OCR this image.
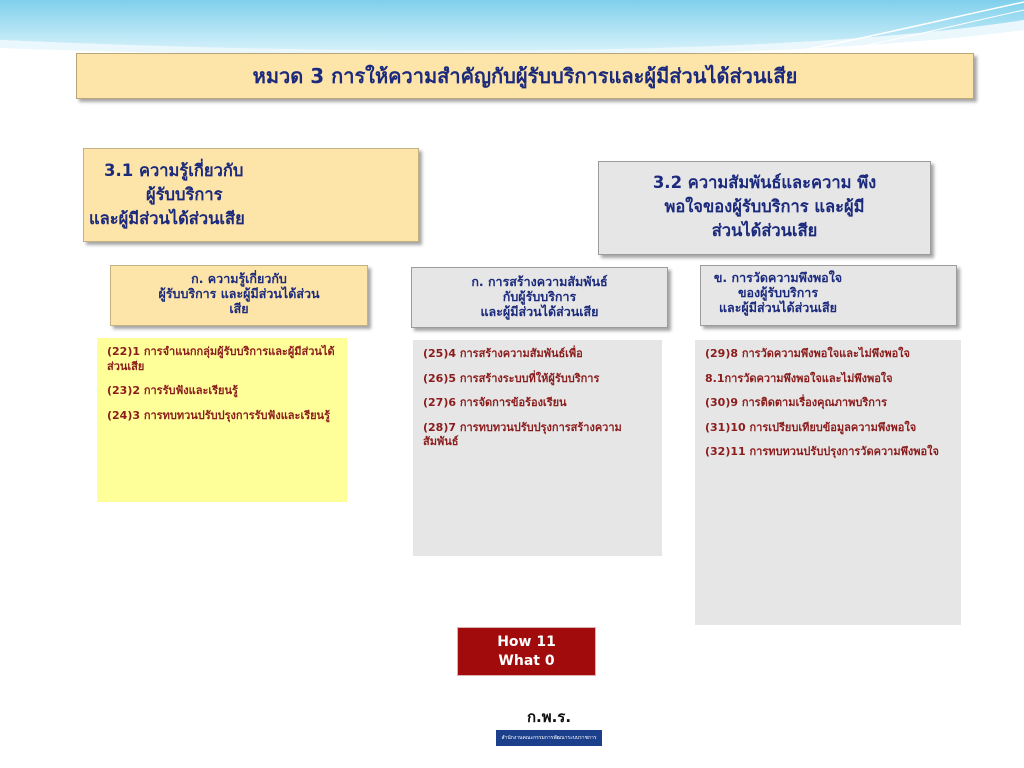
หมวด 3 การให้ความสำคัญกับผู้รับบริการและผู้มีส่วนได้ส่วนเสีย
3.1 ความรู้เกี่ยวกับ
ผู้รับบริการ
และผู้มีส่วนได้ส่วนเสีย
3.2 ความสัมพันธ์และความ พึง
พอใจของผู้รับบริการ และผู้มี
ส่วนได้ส่วนเสีย
ก. ความรู้เกี่ยวกับ
ผู้รับบริการ และผู้มีส่วนได้ส่วน
เสีย
ก. การสร้างความสัมพันธ์
กับผู้รับบริการ
และผู้มีส่วนได้ส่วนเสีย
ข. การวัดความพึงพอใจ
ของผู้รับบริการ
และผู้มีส่วนได้ส่วนเสีย
(22)1 การจำแนกกลุ่มผู้รับบริการและผู้มีส่วนได้ส่วนเสีย
(23)2 การรับฟังและเรียนรู้
(24)3 การทบทวนปรับปรุงการรับฟังและเรียนรู้
(25)4 การสร้างความสัมพันธ์เพื่อ
(26)5 การสร้างระบบที่ให้ผู้รับบริการ
(27)6 การจัดการข้อร้องเรียน
(28)7 การทบทวนปรับปรุงการสร้างความสัมพันธ์
(29)8 การวัดความพึงพอใจและไม่พึงพอใจ
8.1การวัดความพึงพอใจและไม่พึงพอใจ
(30)9 การติดตามเรื่องคุณภาพบริการ
(31)10 การเปรียบเทียบข้อมูลความพึงพอใจ
(32)11 การทบทวนปรับปรุงการวัดความพึงพอใจ
How 11
What 0
ก.พ.ร.
สำนักงานคณะกรรมการพัฒนาระบบราชการ
